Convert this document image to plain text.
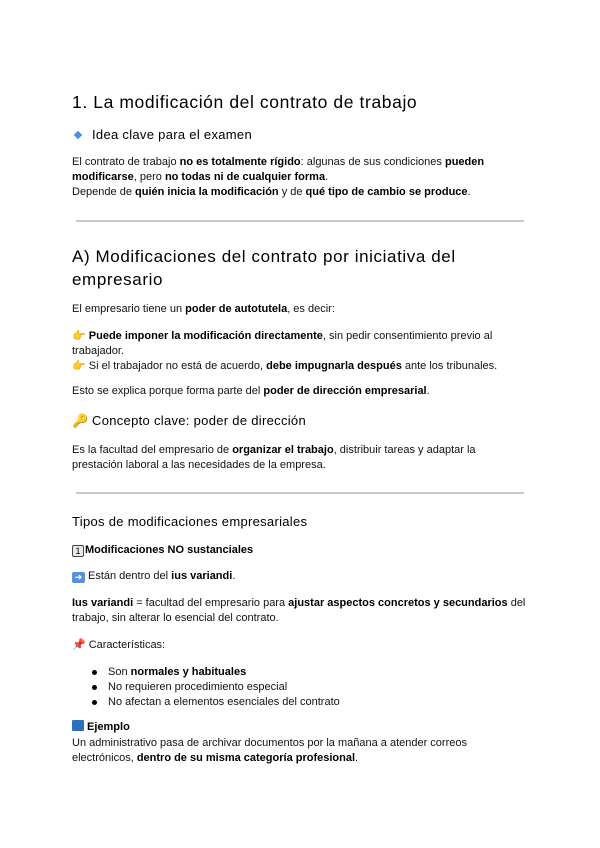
1. La modificación del contrato de trabajo
Idea clave para el examen
El contrato de trabajo no es totalmente rígido: algunas de sus condiciones pueden modificarse, pero no todas ni de cualquier forma.
Depende de quién inicia la modificación y de qué tipo de cambio se produce.
A) Modificaciones del contrato por iniciativa del
empresario
El empresario tiene un poder de autotutela, es decir:
👉 Puede imponer la modificación directamente, sin pedir consentimiento previo al trabajador.
👉 Si el trabajador no está de acuerdo, debe impugnarla después ante los tribunales.
Esto se explica porque forma parte del poder de dirección empresarial.
🔑 Concepto clave: poder de dirección
Es la facultad del empresario de organizar el trabajo, distribuir tareas y adaptar la prestación laboral a las necesidades de la empresa.
Tipos de modificaciones empresariales
1 Modificaciones NO sustanciales
➜ Están dentro del ius variandi.
Ius variandi = facultad del empresario para ajustar aspectos concretos y secundarios del trabajo, sin alterar lo esencial del contrato.
📌 Características:
Son normales y habituales
No requieren procedimiento especial
No afectan a elementos esenciales del contrato
Ejemplo
Un administrativo pasa de archivar documentos por la mañana a atender correos electrónicos, dentro de su misma categoría profesional.
